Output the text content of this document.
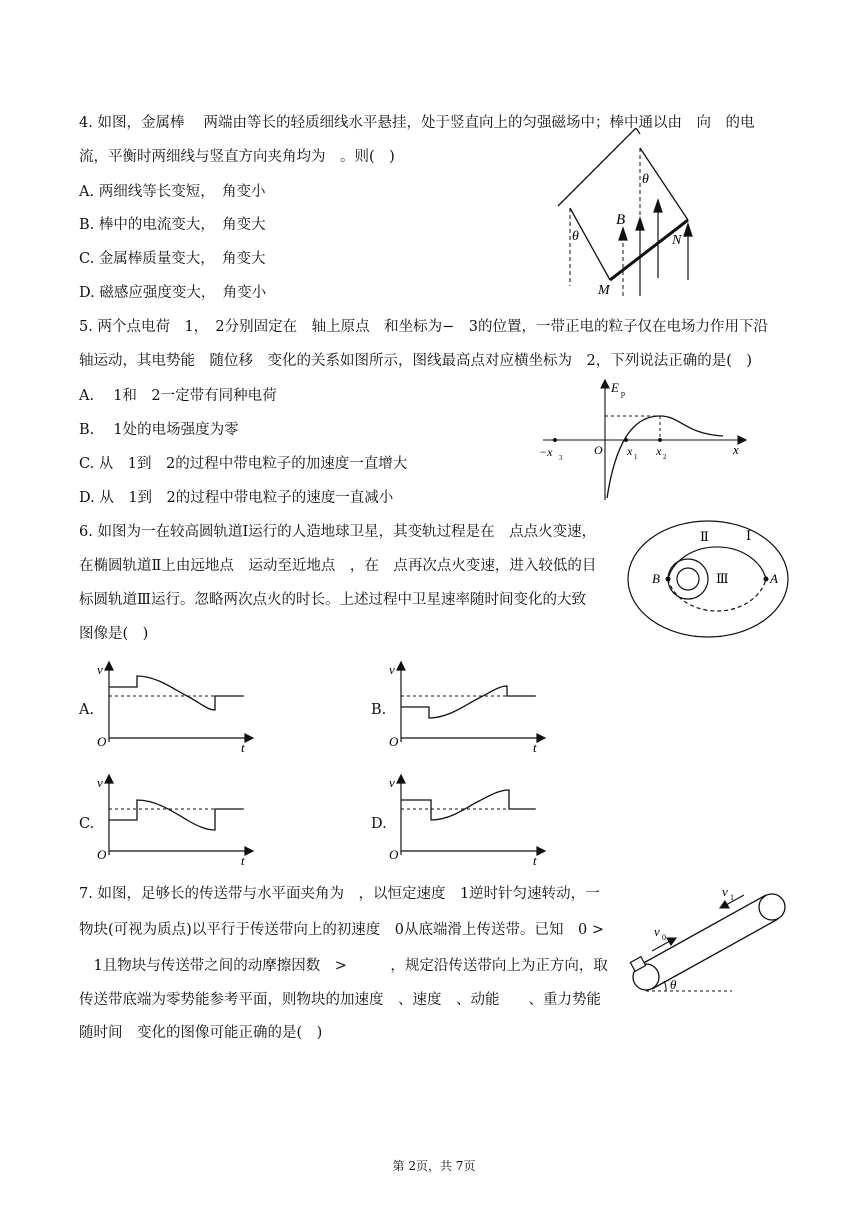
4. 如图，金属棒　 两端由等长的轻质细线水平悬挂，处于竖直向上的匀强磁场中；棒中通以由　向　的电
流，平衡时两细线与竖直方向夹角均为　。则(　)
A. 两细线等长变短，　角变小
B. 棒中的电流变大，　角变大
C. 金属棒质量变大，　角变大
D. 磁感应强度变大，　角变小
θ
θ
B
M
N
5. 两个点电荷　1，　2分别固定在　轴上原点　和坐标为−　3的位置，一带正电的粒子仅在电场力作用下沿
轴运动，其电势能　随位移　变化的关系如图所示，图线最高点对应横坐标为　2，下列说法正确的是(　)
A. 　1和　2一定带有同种电荷
B. 　1处的电场强度为零
C. 从　1到　2的过程中带电粒子的加速度一直增大
D. 从　1到　2的过程中带电粒子的速度一直减小
E p
x
O
−x 3	x 1 x 2
6. 如图为一在较高圆轨道Ⅰ运行的人造地球卫星，其变轨过程是在　点点火变速，
在椭圆轨道Ⅱ上由远地点　运动至近地点　，在　点再次点火变速，进入较低的目
标圆轨道Ⅲ运行。忽略两次点火的时长。上述过程中卫星速率随时间变化的大致
图像是(　)
Ⅰ
Ⅱ
Ⅲ	A
B
A.
v
t
O
B.
v
t
O
C.
v
t
O
D.
v
t
O
7. 如图，足够长的传送带与水平面夹角为　，以恒定速度　1逆时针匀速转动，一
物块(可视为质点)以平行于传送带向上的初速度　0从底端滑上传送带。已知　0 >
　1且物块与传送带之间的动摩擦因数　>　　　，规定沿传送带向上为正方向，取
传送带底端为零势能参考平面，则物块的加速度　、速度　、动能　　、重力势能
随时间　变化的图像可能正确的是(　)
v 1
v 0
θ
第 2页，共 7页
